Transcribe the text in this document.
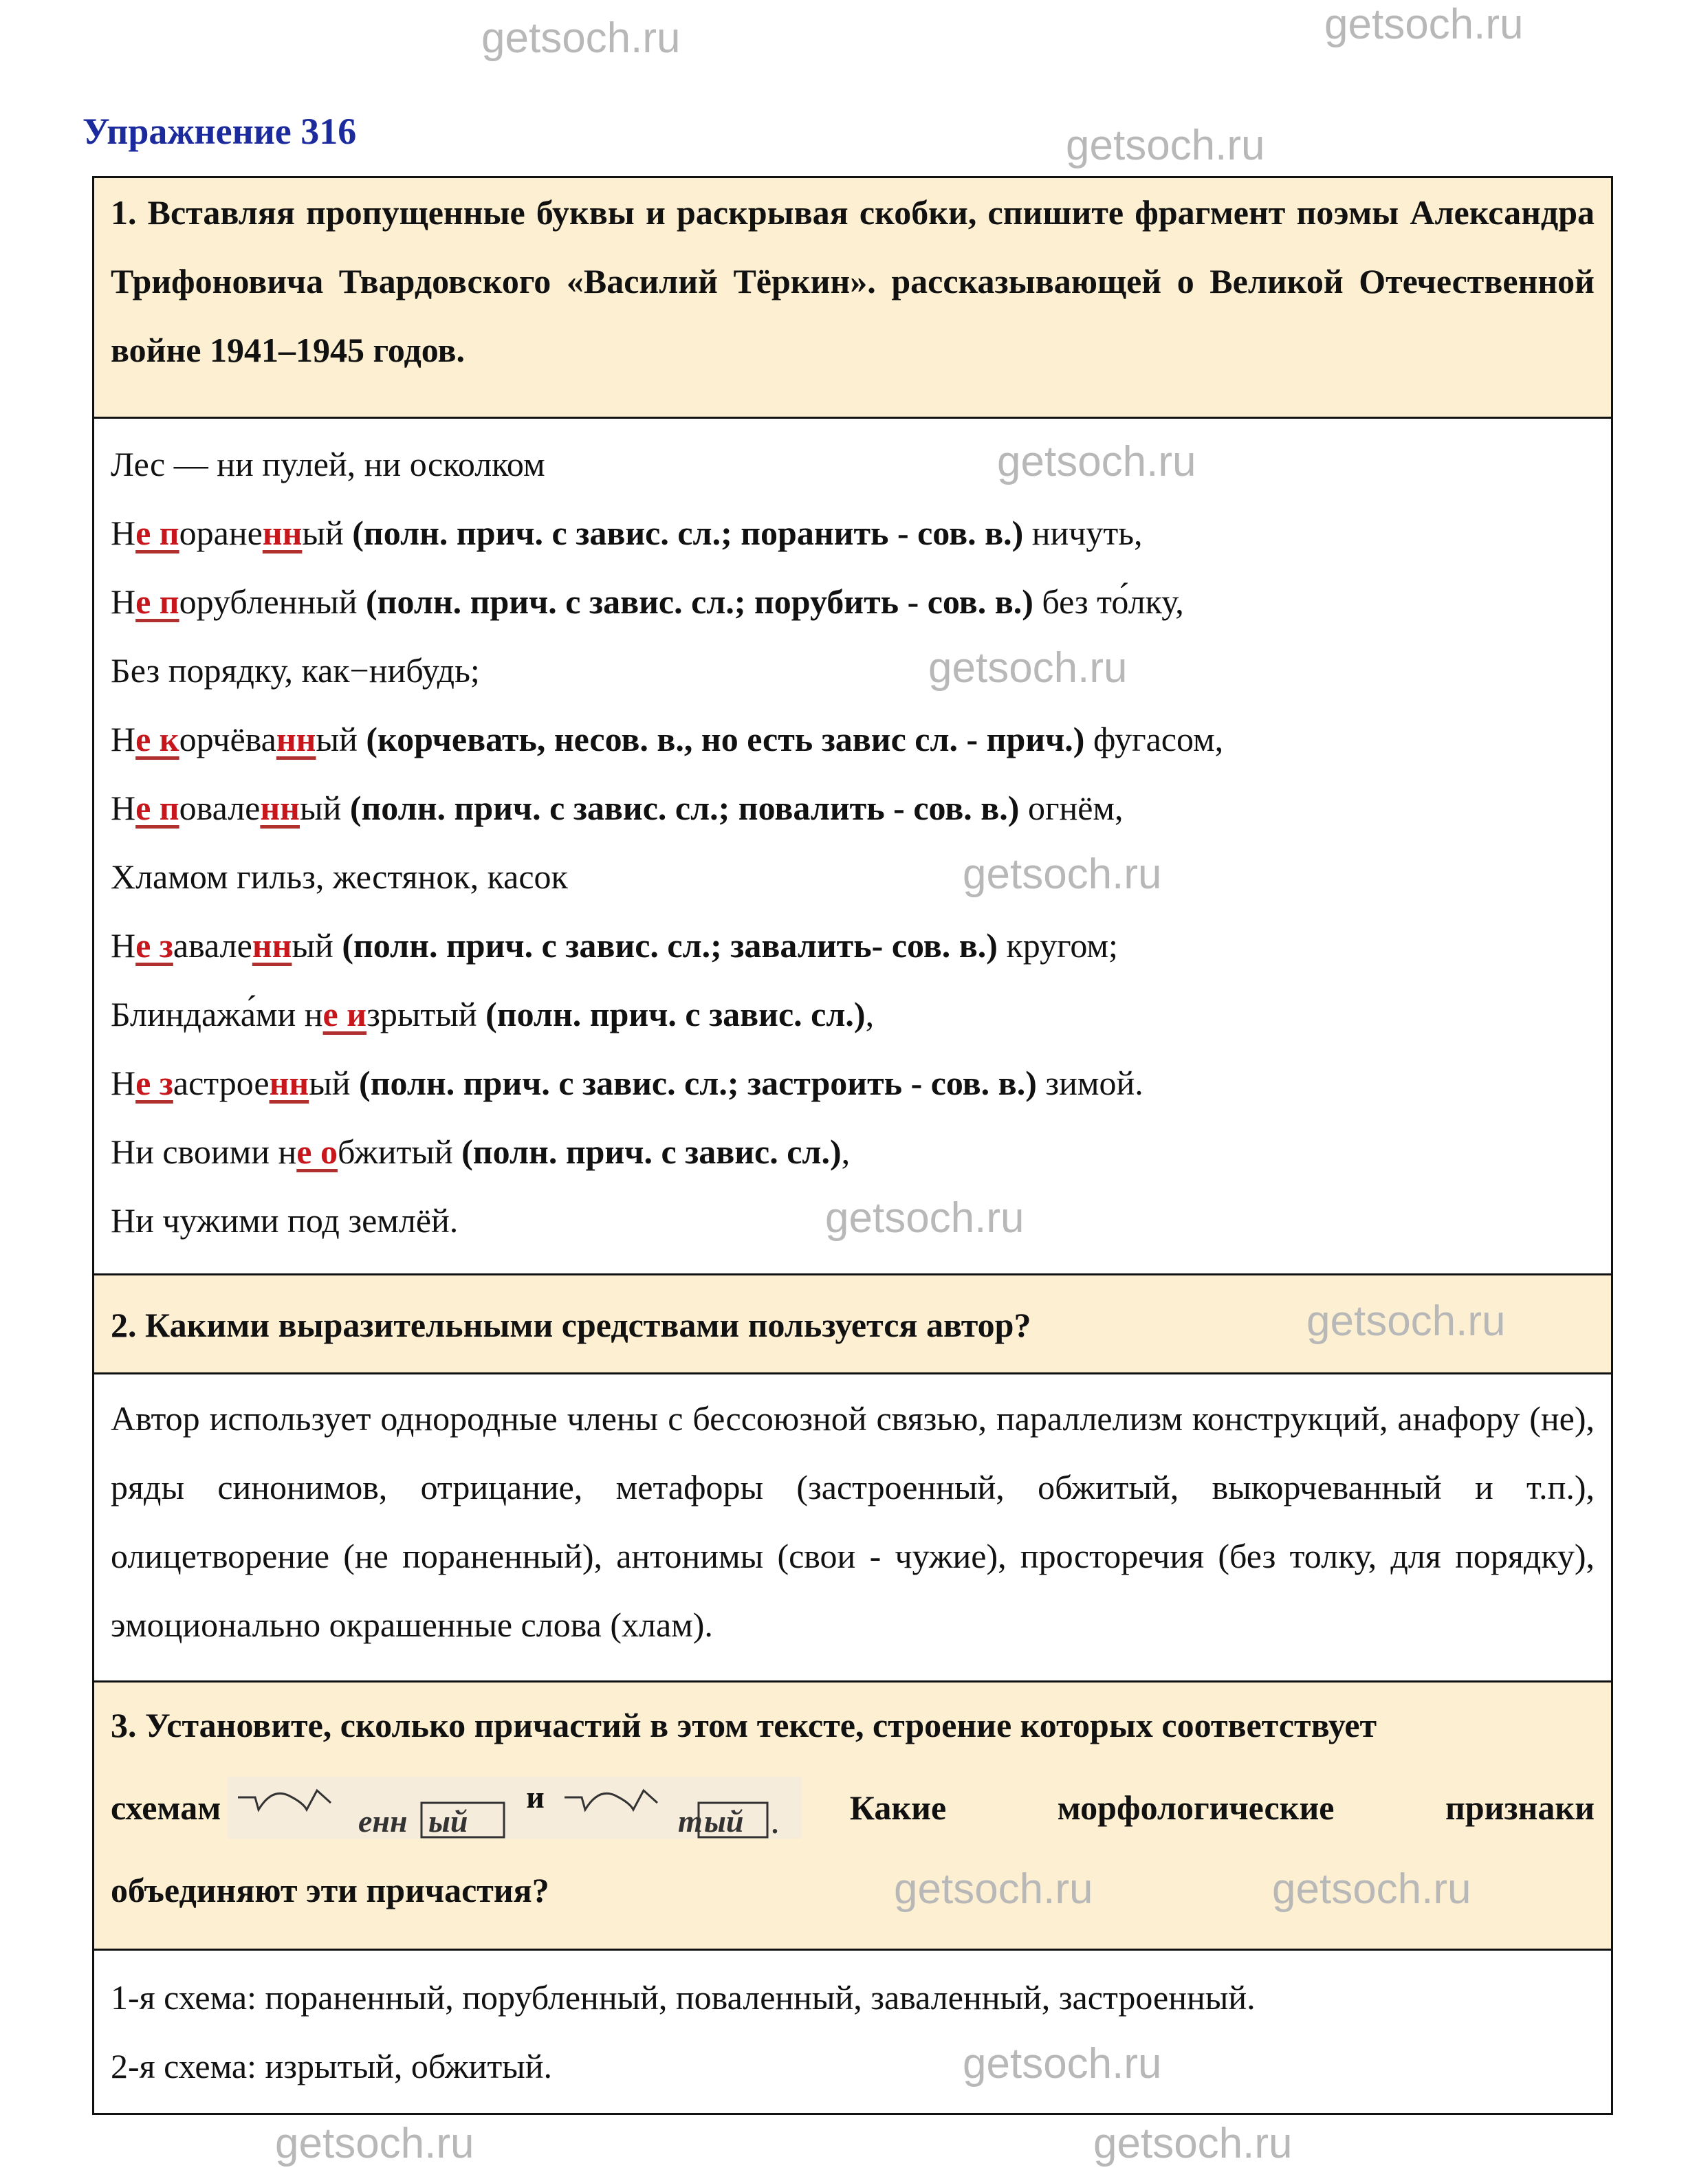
Упражнение 316
1. Вставляя пропущенные буквы и раскрывая скобки, спишите фрагмент поэмы Александра Трифоновича Твардовского «Василий Тёркин». рассказывающей о Великой Отечественной войне 1941–1945 годов.
Лес — ни пулей, ни осколком
Не пораненный (полн. прич. с завис. сл.; поранить - сов. в.) ничуть,
Не порубленный (полн. прич. с завис. сл.; порубить - сов. в.) без то́лку,
Без порядку, как−нибудь;
Не корчёванный (корчевать, несов. в., но есть завис сл. - прич.) фугасом,
Не поваленный (полн. прич. с завис. сл.; повалить - сов. в.) огнём,
Хламом гильз, жестянок, касок
Не заваленный (полн. прич. с завис. сл.; завалить- сов. в.) кругом;
Блиндажа́ми не изрытый (полн. прич. с завис. сл.),
Не застроенный (полн. прич. с завис. сл.; застроить - сов. в.) зимой.
Ни своими не обжитый (полн. прич. с завис. сл.),
Ни чужими под землёй.
2. Какими выразительными средствами пользуется автор?
Автор использует однородные члены с бессоюзной связью, параллелизм конструкций, анафору (не), ряды синонимов, отрицание, метафоры (застроенный, обжитый, выкорчеванный и т.п.), олицетворение (не пораненный), антонимы (свои - чужие), просторечия (без толку, для порядку), эмоционально окрашенные слова (хлам).
3. Установите, сколько причастий в этом тексте, строение которых соответствует
схемам	енн ый
и
т ый . Какие морфологические признаки
объединяют эти причастия?
1-я схема: пораненный, порубленный, поваленный, заваленный, застроенный.
2-я схема: изрытый, обжитый.
getsoch.ru
getsoch.ru
getsoch.ru
getsoch.ru
getsoch.ru
getsoch.ru
getsoch.ru
getsoch.ru
getsoch.ru	getsoch.ru
getsoch.ru
getsoch.ru	getsoch.ru
